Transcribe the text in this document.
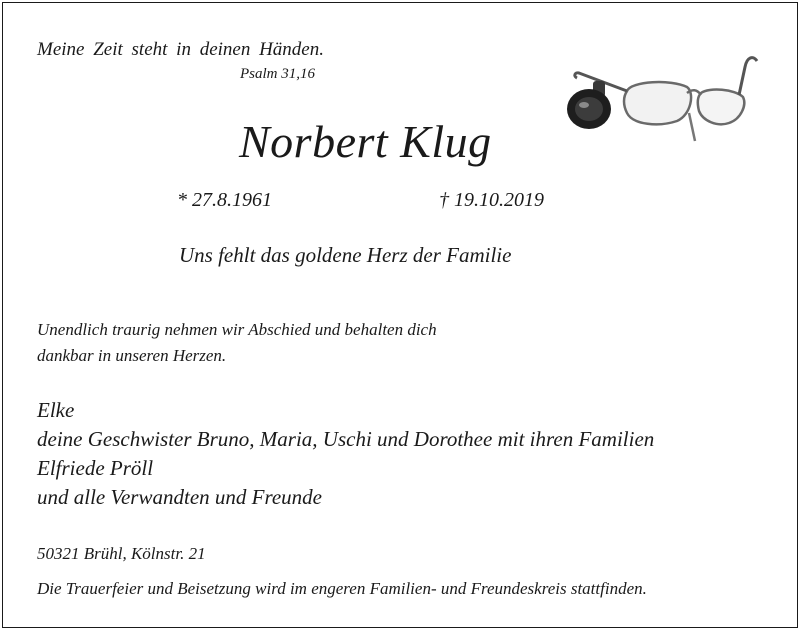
Meine Zeit steht in deinen Händen.
Psalm 31,16
Norbert Klug
* 27.8.1961	† 19.10.2019
Uns fehlt das goldene Herz der Familie
Unendlich traurig nehmen wir Abschied und behalten dich
dankbar in unseren Herzen.
Elke
deine Geschwister Bruno, Maria, Uschi und Dorothee mit ihren Familien
Elfriede Pröll
und alle Verwandten und Freunde
50321 Brühl, Kölnstr. 21
Die Trauerfeier und Beisetzung wird im engeren Familien- und Freundeskreis stattfinden.
